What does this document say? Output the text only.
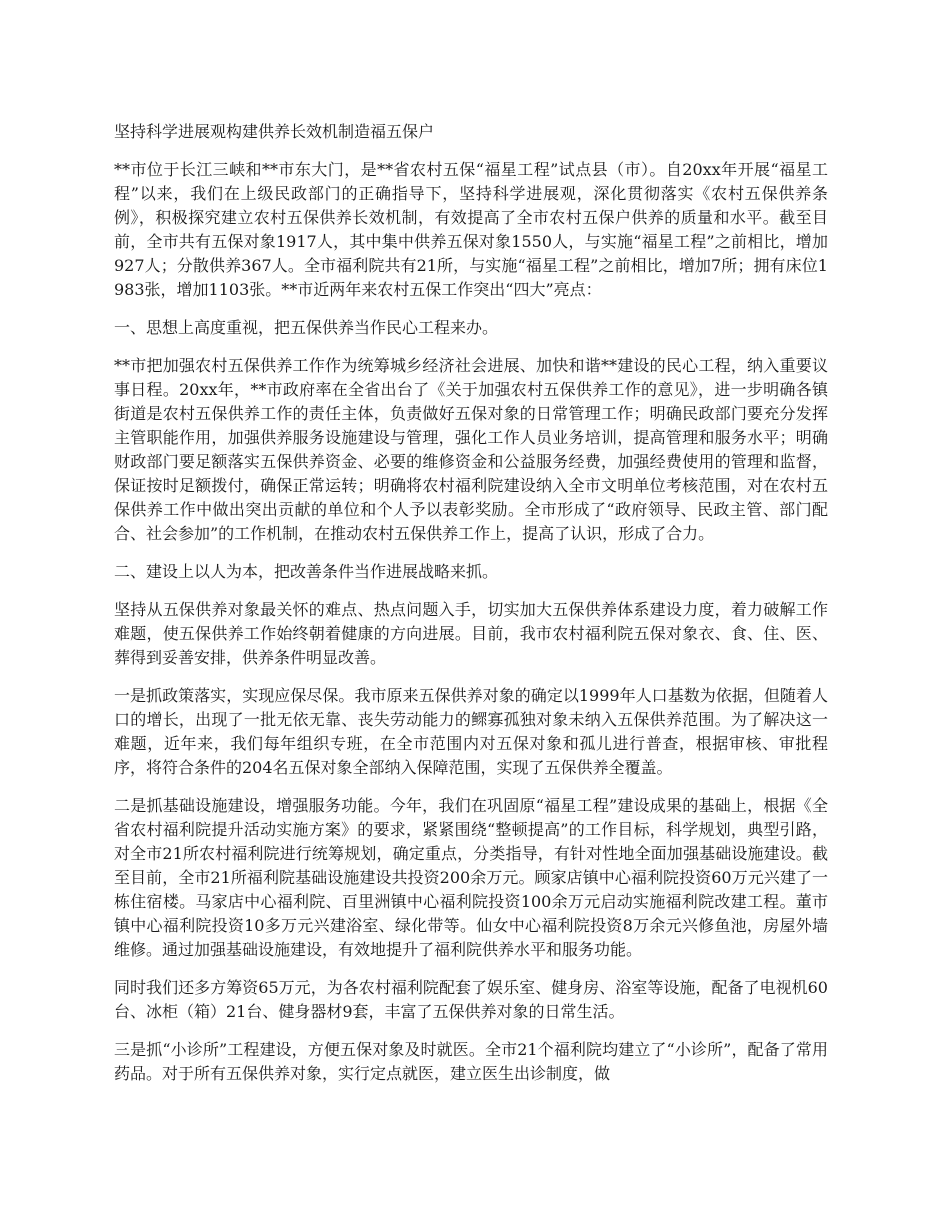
坚持科学进展观构建供养长效机制造福五保户

**市位于长江三峡和**市东大门，是**省农村五保“福星工程”试点县（市）。自20xx年开展“福星工程”以来，我们在上级民政部门的正确指导下，坚持科学进展观，深化贯彻落实《农村五保供养条例》，积极探究建立农村五保供养长效机制，有效提高了全市农村五保户供养的质量和水平。截至目前，全市共有五保对象1917人，其中集中供养五保对象1550人，与实施“福星工程”之前相比，增加927人；分散供养367人。全市福利院共有21所，与实施“福星工程”之前相比，增加7所；拥有床位1983张，增加1103张。**市近两年来农村五保工作突出“四大”亮点：

一、思想上高度重视，把五保供养当作民心工程来办。

**市把加强农村五保供养工作作为统筹城乡经济社会进展、加快和谐**建设的民心工程，纳入重要议事日程。20xx年，**市政府率在全省出台了《关于加强农村五保供养工作的意见》，进一步明确各镇街道是农村五保供养工作的责任主体，负责做好五保对象的日常管理工作；明确民政部门要充分发挥主管职能作用，加强供养服务设施建设与管理，强化工作人员业务培训，提高管理和服务水平；明确财政部门要足额落实五保供养资金、必要的维修资金和公益服务经费，加强经费使用的管理和监督，保证按时足额拨付，确保正常运转；明确将农村福利院建设纳入全市文明单位考核范围，对在农村五保供养工作中做出突出贡献的单位和个人予以表彰奖励。全市形成了“政府领导、民政主管、部门配合、社会参加”的工作机制，在推动农村五保供养工作上，提高了认识，形成了合力。

二、建设上以人为本，把改善条件当作进展战略来抓。

坚持从五保供养对象最关怀的难点、热点问题入手，切实加大五保供养体系建设力度，着力破解工作难题，使五保供养工作始终朝着健康的方向进展。目前，我市农村福利院五保对象衣、食、住、医、葬得到妥善安排，供养条件明显改善。

一是抓政策落实，实现应保尽保。我市原来五保供养对象的确定以1999年人口基数为依据，但随着人口的增长，出现了一批无依无靠、丧失劳动能力的鳏寡孤独对象未纳入五保供养范围。为了解决这一难题，近年来，我们每年组织专班，在全市范围内对五保对象和孤儿进行普查，根据审核、审批程序，将符合条件的204名五保对象全部纳入保障范围，实现了五保供养全覆盖。

二是抓基础设施建设，增强服务功能。今年，我们在巩固原“福星工程”建设成果的基础上，根据《全省农村福利院提升活动实施方案》的要求，紧紧围绕“整顿提高”的工作目标，科学规划，典型引路，对全市21所农村福利院进行统筹规划，确定重点，分类指导，有针对性地全面加强基础设施建设。截至目前，全市21所福利院基础设施建设共投资200余万元。顾家店镇中心福利院投资60万元兴建了一栋住宿楼。马家店中心福利院、百里洲镇中心福利院投资100余万元启动实施福利院改建工程。董市镇中心福利院投资10多万元兴建浴室、绿化带等。仙女中心福利院投资8万余元兴修鱼池，房屋外墙维修。通过加强基础设施建设，有效地提升了福利院供养水平和服务功能。

同时我们还多方筹资65万元，为各农村福利院配套了娱乐室、健身房、浴室等设施，配备了电视机60台、冰柜（箱）21台、健身器材9套，丰富了五保供养对象的日常生活。

三是抓“小诊所”工程建设，方便五保对象及时就医。全市21个福利院均建立了“小诊所”，配备了常用药品。对于所有五保供养对象，实行定点就医，建立医生出诊制度，做
